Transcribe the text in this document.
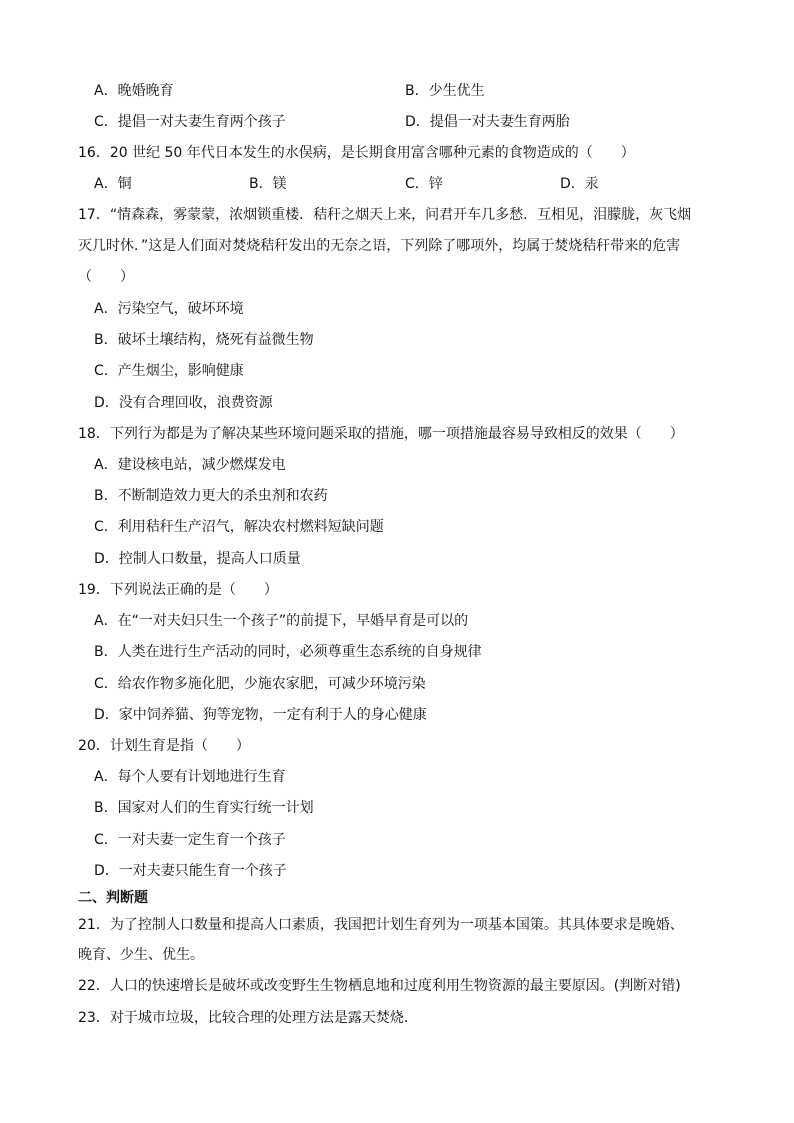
A．晚婚晚育	B．少生优生
C．提倡一对夫妻生育两个孩子	D．提倡一对夫妻生育两胎
16．20 世纪 50 年代日本发生的水俣病，是长期食用富含哪种元素的食物造成的（　　）
A．铜	B．镁	C．锌	D．汞
17．“情森森，雾蒙蒙，浓烟锁重楼．秸秆之烟天上来，问君开车几多愁．互相见，泪朦胧，灰飞烟
灭几时休．”这是人们面对焚烧秸秆发出的无奈之语，下列除了哪项外，均属于焚烧秸秆带来的危害
（　　）
A．污染空气，破坏环境
B．破坏土壤结构，烧死有益微生物
C．产生烟尘，影响健康
D．没有合理回收，浪费资源
18．下列行为都是为了解决某些环境问题采取的措施，哪一项措施最容易导致相反的效果（　　）
A．建设核电站，减少燃煤发电
B．不断制造效力更大的杀虫剂和农药
C．利用秸秆生产沼气，解决农村燃料短缺问题
D．控制人口数量，提高人口质量
19．下列说法正确的是（　　）
A．在“一对夫妇只生一个孩子”的前提下，早婚早育是可以的
B．人类在进行生产活动的同时，必须尊重生态系统的自身规律
C．给农作物多施化肥，少施农家肥，可减少环境污染
D．家中饲养猫、狗等宠物，一定有利于人的身心健康
20．计划生育是指（　　）
A．每个人要有计划地进行生育
B．国家对人们的生育实行统一计划
C．一对夫妻一定生育一个孩子
D．一对夫妻只能生育一个孩子
二、判断题
21．为了控制人口数量和提高人口素质，我国把计划生育列为一项基本国策。其具体要求是晚婚、
晚育、少生、优生。
22．人口的快速增长是破坏或改变野生生物栖息地和过度利用生物资源的最主要原因。(判断对错)
23．对于城市垃圾，比较合理的处理方法是露天焚烧．
